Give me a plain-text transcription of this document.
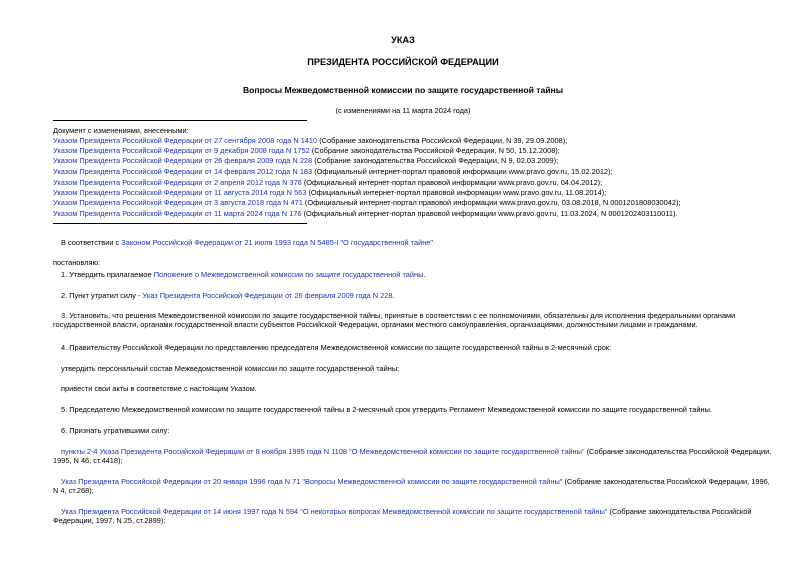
УКАЗ
ПРЕЗИДЕНТА РОССИЙСКОЙ ФЕДЕРАЦИИ
Вопросы Межведомственной комиссии по защите государственной тайны
(с изменениями на 11 марта 2024 года)
Документ с изменениями, внесенными:
Указом Президента Российской Федерации от 27 сентября 2008 года N 1410 (Собрание законодательства Российской Федерации, N 39, 29.09.2008);
Указом Президента Российской Федерации от 9 декабря 2008 года N 1752 (Собрание законодательства Российской Федерации, N 50, 15.12.2008);
Указом Президента Российской Федерации от 26 февраля 2009 года N 228 (Собрание законодательства Российской Федерации, N 9, 02.03.2009);
Указом Президента Российской Федерации от 14 февраля 2012 года N 183 (Официальный интернет-портал правовой информации www.pravo.gov.ru, 15.02.2012);
Указом Президента Российской Федерации от 2 апреля 2012 года N 376 (Официальный интернет-портал правовой информации www.pravo.gov.ru, 04.04.2012);
Указом Президента Российской Федерации от 11 августа 2014 года N 563 (Официальный интернет-портал правовой информации www.pravo.gov.ru, 11.08.2014);
Указом Президента Российской Федерации от 3 августа 2018 года N 471 (Официальный интернет-портал правовой информации www.pravo.gov.ru, 03.08.2018, N 0001201808030042);
Указом Президента Российской Федерации от 11 марта 2024 года N 176 (Официальный интернет-портал правовой информации www.pravo.gov.ru, 11.03.2024, N 0001202403110011).
В соответствии с Законом Российской Федерации от 21 июля 1993 года N 5485-I "О государственной тайне"
постановляю:
1. Утвердить прилагаемое Положение о Межведомственной комиссии по защите государственной тайны.
2. Пункт утратил силу - Указ Президента Российской Федерации от 26 февраля 2009 года N 228.
3. Установить, что решения Межведомственной комиссии по защите государственной тайны, принятые в соответствии с ее полномочиями, обязательны для исполнения федеральными органами государственной власти, органами государственной власти субъектов Российской Федерации, органами местного самоуправления, организациями, должностными лицами и гражданами.
4. Правительству Российской Федерации по представлению председателя Межведомственной комиссии по защите государственной тайны в 2-месячный срок:
утвердить персональный состав Межведомственной комиссии по защите государственной тайны;
привести свои акты в соответствие с настоящим Указом.
5. Председателю Межведомственной комиссии по защите государственной тайны в 2-месячный срок утвердить Регламент Межведомственной комиссии по защите государственной тайны.
6. Признать утратившими силу:
пункты 2-4 Указа Президента Российской Федерации от 8 ноября 1995 года N 1108 "О Межведомственной комиссии по защите государственной тайны" (Собрание законодательства Российской Федерации, 1995, N 46, ст.4418);
Указ Президента Российской Федерации от 20 января 1996 года N 71 "Вопросы Межведомственной комиссии по защите государственной тайны" (Собрание законодательства Российской Федерации, 1996, N 4, ст.268);
Указ Президента Российской Федерации от 14 июня 1997 года N 594 "О некоторых вопросах Межведомственной комиссии по защите государственной тайны" (Собрание законодательства Российской Федерации, 1997, N 25, ст.2899);
